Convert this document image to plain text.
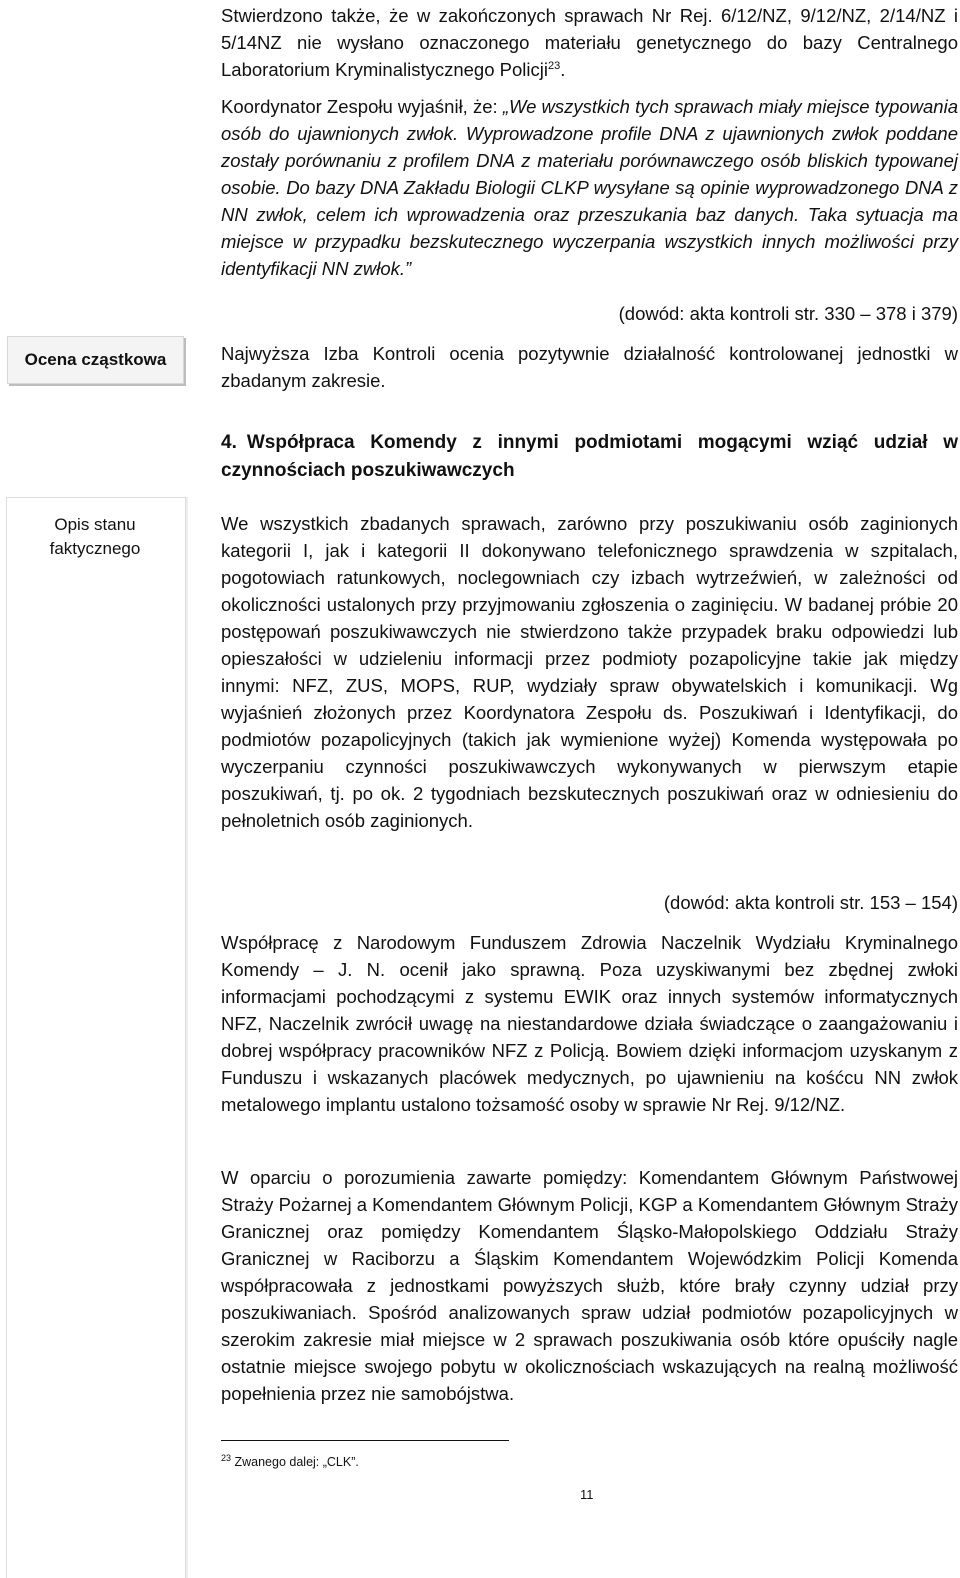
Stwierdzono także, że w zakończonych sprawach Nr Rej. 6/12/NZ, 9/12/NZ, 2/14/NZ i 5/14NZ nie wysłano oznaczonego materiału genetycznego do bazy Centralnego Laboratorium Kryminalistycznego Policji$^{23}$.

Koordynator Zespołu wyjaśnił, że: „We wszystkich tych sprawach miały miejsce typowania osób do ujawnionych zwłok. Wyprowadzone profile DNA z ujawnionych zwłok poddane zostały porównaniu z profilem DNA z materiału porównawczego osób bliskich typowanej osobie. Do bazy DNA Zakładu Biologii CLKP wysyłane są opinie wyprowadzonego DNA z NN zwłok, celem ich wprowadzenia oraz przeszukania baz danych. Taka sytuacja ma miejsce w przypadku bezskutecznego wyczerpania wszystkich innych możliwości przy identyfikacji NN zwłok.”

(dowód: akta kontroli str. 330 – 378 i 379)
Ocena cząstkowa	Najwyższa Izba Kontroli ocenia pozytywnie działalność kontrolowanej jednostki w zbadanym zakresie.

4. Współpraca Komendy z innymi podmiotami mogącymi wziąć udział w czynnościach poszukiwawczych
Opis stanu faktycznego

We wszystkich zbadanych sprawach, zarówno przy poszukiwaniu osób zaginionych kategorii I, jak i kategorii II dokonywano telefonicznego sprawdzenia w szpitalach, pogotowiach ratunkowych, noclegowniach czy izbach wytrzeźwień, w zależności od okoliczności ustalonych przy przyjmowaniu zgłoszenia o zaginięciu. W badanej próbie 20 postępowań poszukiwawczych nie stwierdzono także przypadek braku odpowiedzi lub opieszałości w udzieleniu informacji przez podmioty pozapolicyjne takie jak między innymi: NFZ, ZUS, MOPS, RUP, wydziały spraw obywatelskich i komunikacji. Wg wyjaśnień złożonych przez Koordynatora Zespołu ds. Poszukiwań i Identyfikacji, do podmiotów pozapolicyjnych (takich jak wymienione wyżej) Komenda występowała po wyczerpaniu czynności poszukiwawczych wykonywanych w pierwszym etapie poszukiwań, tj. po ok. 2 tygodniach bezskutecznych poszukiwań oraz w odniesieniu do pełnoletnich osób zaginionych.

(dowód: akta kontroli str. 153 – 154)

Współpracę z Narodowym Funduszem Zdrowia Naczelnik Wydziału Kryminalnego Komendy – J. N. ocenił jako sprawną. Poza uzyskiwanymi bez zbędnej zwłoki informacjami pochodzącymi z systemu EWIK oraz innych systemów informatycznych NFZ, Naczelnik zwrócił uwagę na niestandardowe działa świadczące o zaangażowaniu i dobrej współpracy pracowników NFZ z Policją. Bowiem dzięki informacjom uzyskanym z Funduszu i wskazanych placówek medycznych, po ujawnieniu na kośćcu NN zwłok metalowego implantu ustalono tożsamość osoby w sprawie Nr Rej. 9/12/NZ.

W oparciu o porozumienia zawarte pomiędzy: Komendantem Głównym Państwowej Straży Pożarnej a Komendantem Głównym Policji, KGP a Komendantem Głównym Straży Granicznej oraz pomiędzy Komendantem Śląsko-Małopolskiego Oddziału Straży Granicznej w Raciborzu a Śląskim Komendantem Wojewódzkim Policji Komenda współpracowała z jednostkami powyższych służb, które brały czynny udział przy poszukiwaniach. Spośród analizowanych spraw udział podmiotów pozapolicyjnych w szerokim zakresie miał miejsce w 2 sprawach poszukiwania osób które opuściły nagle ostatnie miejsce swojego pobytu w okolicznościach wskazujących na realną możliwość popełnienia przez nie samobójstwa.

$^{23}$ Zwanego dalej: „CLK”.
11
